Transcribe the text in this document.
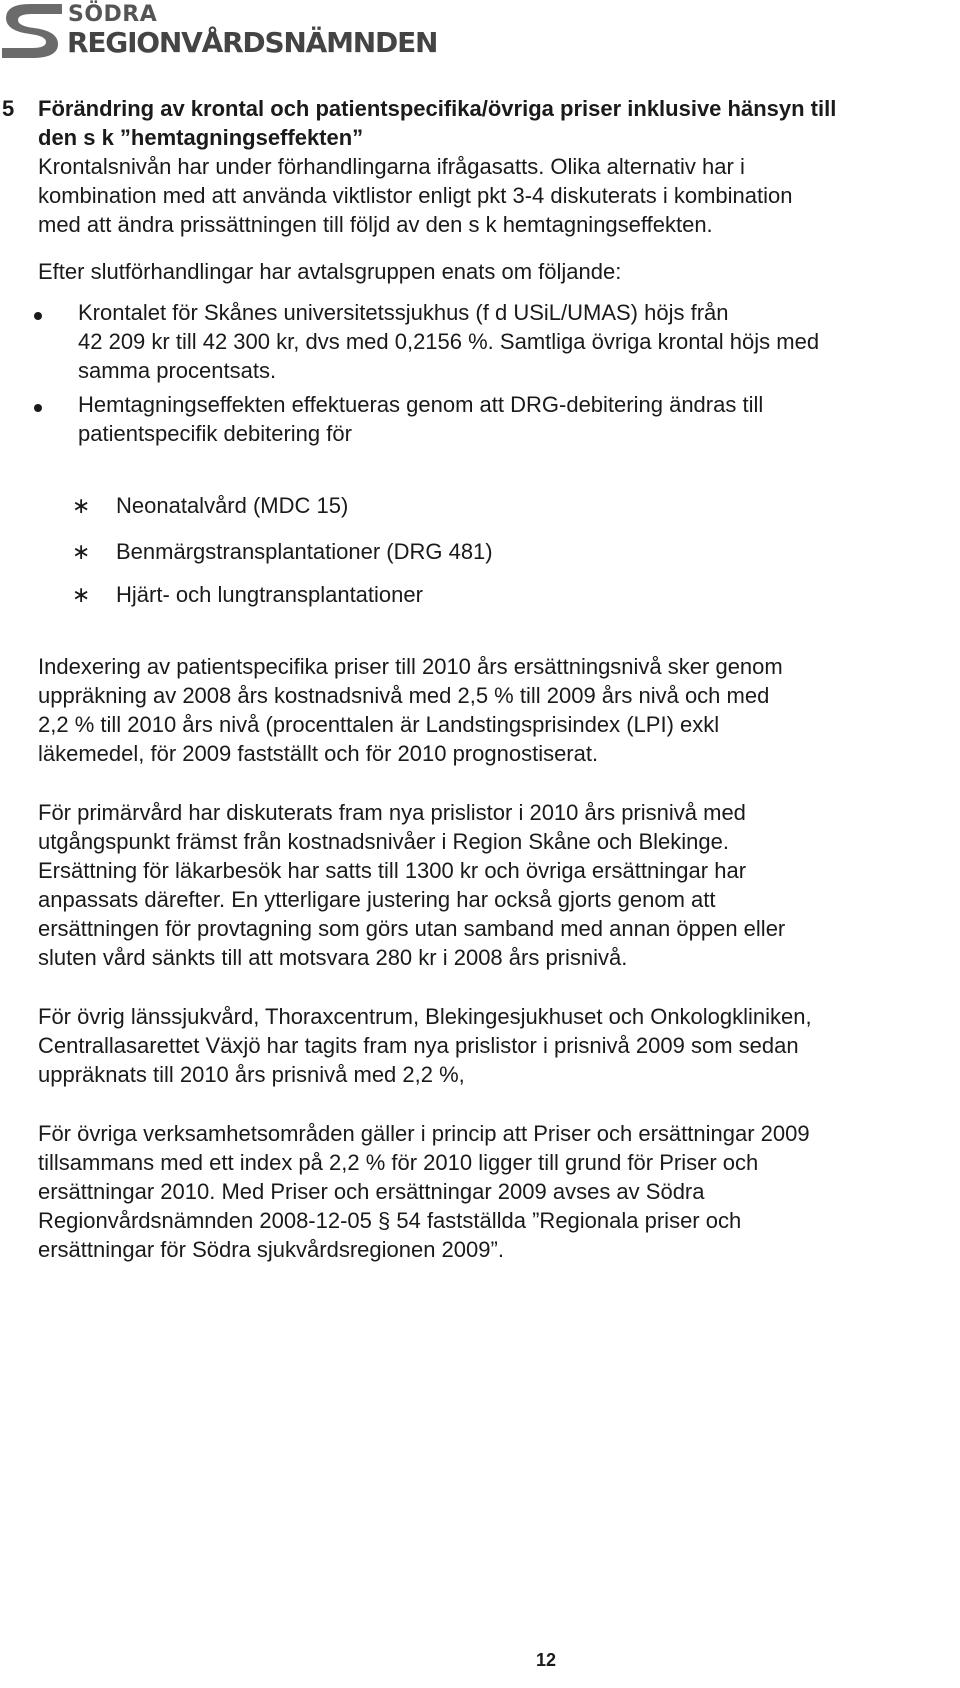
SÖDRA
REGIONVÅRDSNÄMNDEN
5 Förändring av krontal och patientspecifika/övriga priser inklusive hänsyn till

den s k ”hemtagningseffekten”

Krontalsnivån har under förhandlingarna ifrågasatts. Olika alternativ har i

kombination med att använda viktlistor enligt pkt 3-4 diskuterats i kombination

med att ändra prissättningen till följd av den s k hemtagningseffekten.

Efter slutförhandlingar har avtalsgruppen enats om följande:

Krontalet för Skånes universitetssjukhus (f d USiL/UMAS) höjs från

42 209 kr till 42 300 kr, dvs med 0,2156 %. Samtliga övriga krontal höjs med

samma procentsats.

Hemtagningseffekten effektueras genom att DRG-debitering ändras till

patientspecifik debitering för

∗ Neonatalvård (MDC 15)

∗ Benmärgstransplantationer (DRG 481)

∗ Hjärt- och lungtransplantationer

Indexering av patientspecifika priser till 2010 års ersättningsnivå sker genom

uppräkning av 2008 års kostnadsnivå med 2,5 % till 2009 års nivå och med

2,2 % till 2010 års nivå (procenttalen är Landstingsprisindex (LPI) exkl

läkemedel, för 2009 fastställt och för 2010 prognostiserat.

För primärvård har diskuterats fram nya prislistor i 2010 års prisnivå med

utgångspunkt främst från kostnadsnivåer i Region Skåne och Blekinge.

Ersättning för läkarbesök har satts till 1300 kr och övriga ersättningar har

anpassats därefter. En ytterligare justering har också gjorts genom att

ersättningen för provtagning som görs utan samband med annan öppen eller

sluten vård sänkts till att motsvara 280 kr i 2008 års prisnivå.

För övrig länssjukvård, Thoraxcentrum, Blekingesjukhuset och Onkologkliniken,

Centrallasarettet Växjö har tagits fram nya prislistor i prisnivå 2009 som sedan

uppräknats till 2010 års prisnivå med 2,2 %,

För övriga verksamhetsområden gäller i princip att Priser och ersättningar 2009

tillsammans med ett index på 2,2 % för 2010 ligger till grund för Priser och

ersättningar 2010. Med Priser och ersättningar 2009 avses av Södra

Regionvårdsnämnden 2008-12-05 § 54 fastställda ”Regionala priser och

ersättningar för Södra sjukvårdsregionen 2009”.

12
